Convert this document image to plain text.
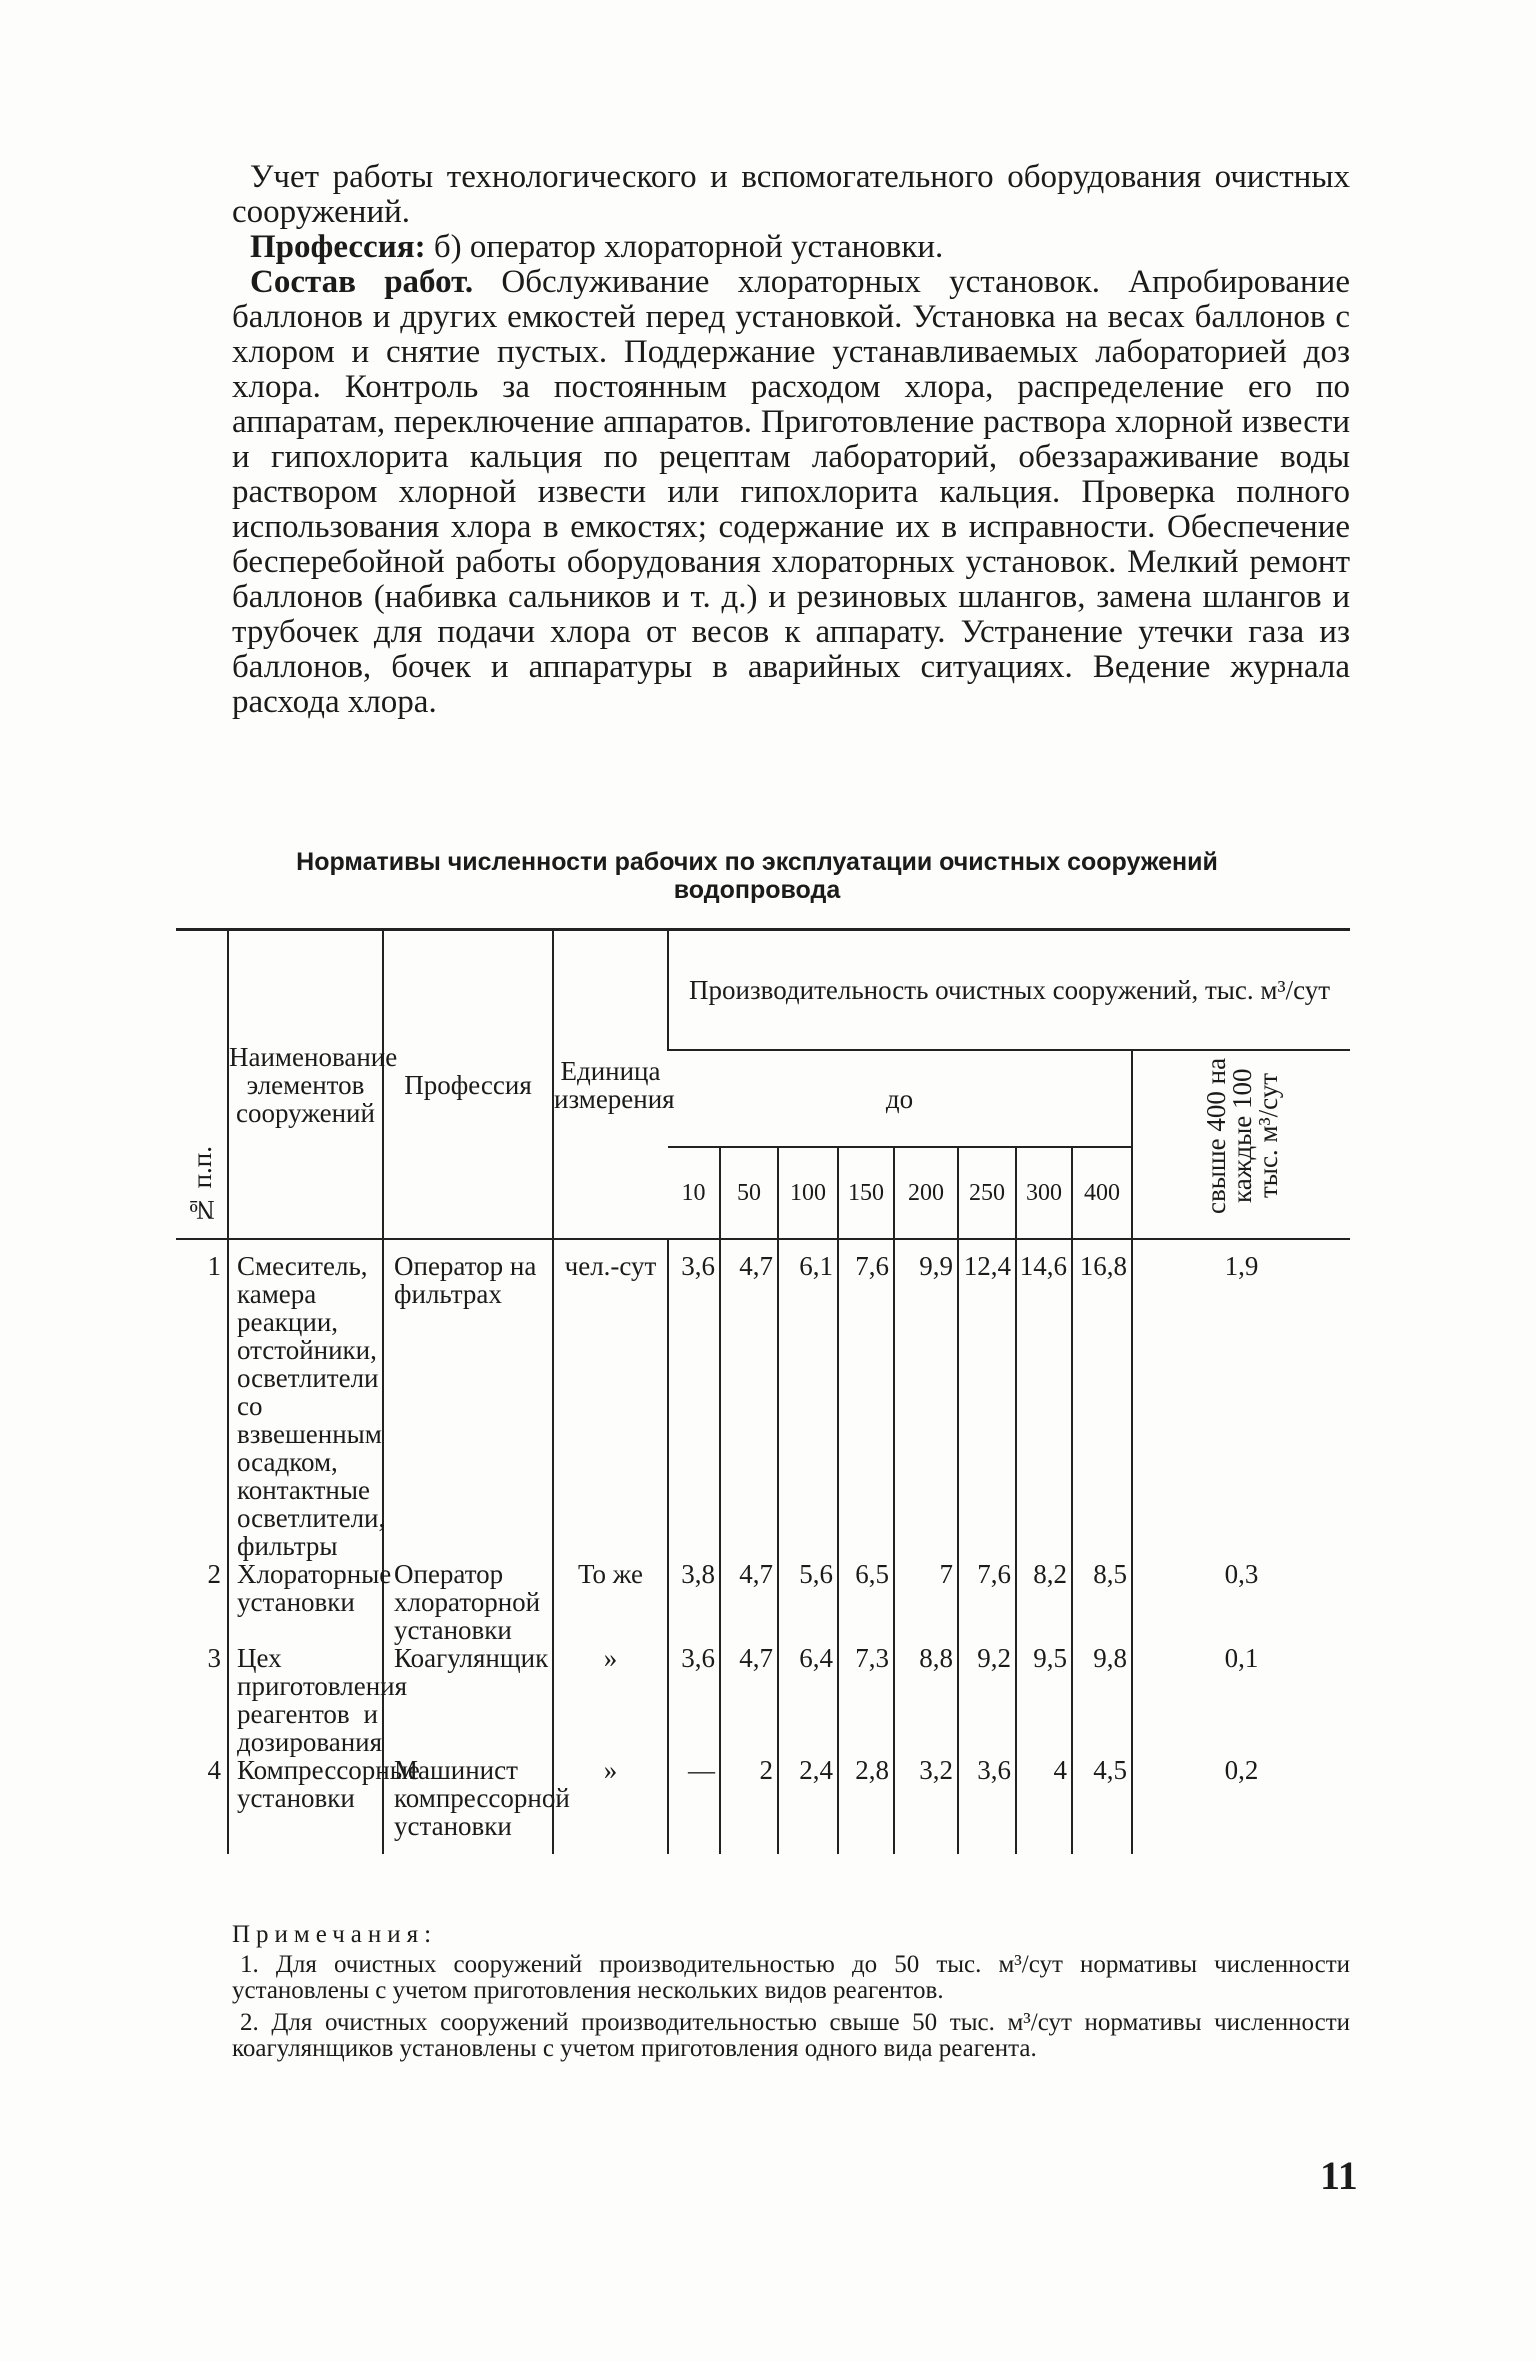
Учет работы технологического и вспомогательного оборудования очистных сооружений.

Профессия: б) оператор хлораторной установки.

Состав работ. Обслуживание хлораторных установок. Апробирование баллонов и других емкостей перед установкой. Установка на весах баллонов с хлором и снятие пустых. Поддержание устанавливаемых лабораторией доз хлора. Контроль за постоянным расходом хлора, распределение его по аппаратам, переключение аппаратов. Приготовление раствора хлорной извести и гипохлорита кальция по рецептам лабораторий, обеззараживание воды раствором хлорной извести или гипохлорита кальция. Проверка полного использования хлора в емкостях; содержание их в исправности. Обеспечение бесперебойной работы оборудования хлораторных установок. Мелкий ремонт баллонов (набивка сальников и т. д.) и резиновых шлангов, замена шлангов и трубочек для подачи хлора от весов к аппарату. Устранение утечки газа из баллонов, бочек и аппаратуры в аварийных ситуациях. Ведение журнала расхода хлора.

Нормативы численности рабочих по эксплуатации очистных сооружений водопровода
№ п.п.	Наименование элементов сооружений	Профессия	Единица измерения	Производительность очистных сооружений, тыс. м³/сут								
				до								свыше 400 на каждые 100 тыс. м³/сут
				10	50	100	150	200	250	300	400	
1	Смеситель, камера реакции, отстойники, осветлители со взвешенным осадком, контактные осветлители, фильтры	Оператор на фильтрах	чел.-сут	3,6	4,7	6,1	7,6	9,9	12,4	14,6	16,8	1,9
2	Хлораторные установки	Оператор хлораторной установки	То же	3,8	4,7	5,6	6,5	7	7,6	8,2	8,5	0,3
3	Цех приготовления реагентов и дозирования	Коагулянщик	»	3,6	4,7	6,4	7,3	8,8	9,2	9,5	9,8	0,1
4	Компрессорные установки	Машинист компрессорной установки	»	—	2	2,4	2,8	3,2	3,6	4	4,5	0,2
Примечания:

1. Для очистных сооружений производительностью до 50 тыс. м³/сут нормативы численности установлены с учетом приготовления нескольких видов реагентов.

2. Для очистных сооружений производительностью свыше 50 тыс. м³/сут нормативы численности коагулянщиков установлены с учетом приготовления одного вида реагента.

11
